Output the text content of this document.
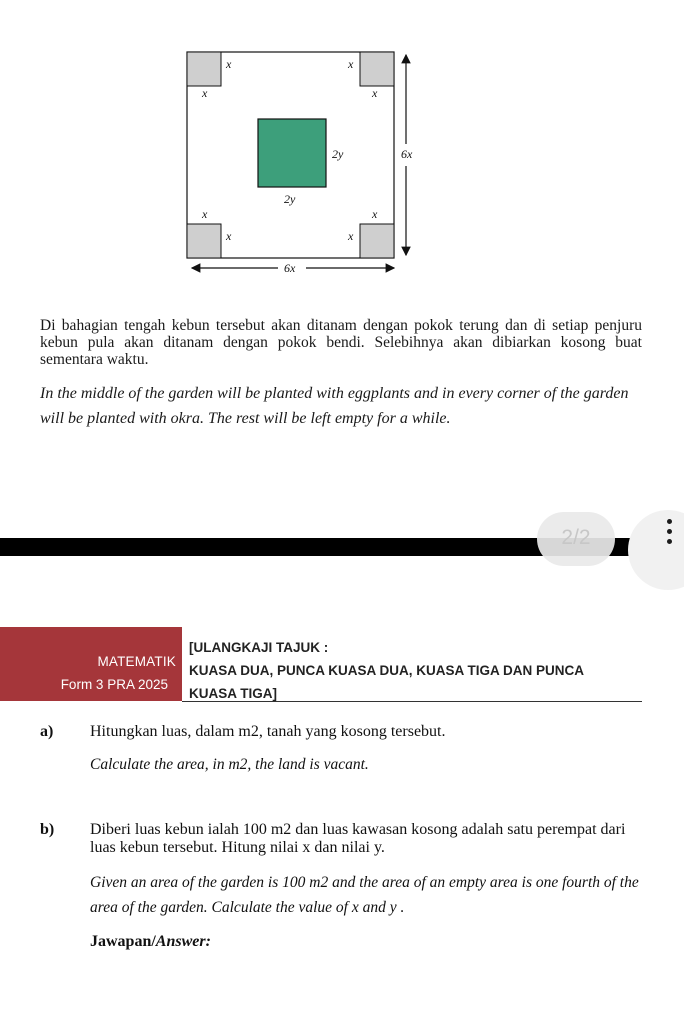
x	x
x	x
x	x
x	x
2y
2y
6x
6x
Di bahagian tengah kebun tersebut akan ditanam dengan pokok terung dan di setiap penjuru kebun pula akan ditanam dengan pokok bendi. Selebihnya akan dibiarkan kosong buat sementara waktu.
In the middle of the garden will be planted with eggplants and in every corner of the garden will be planted with okra. The rest will be left empty for a while.
2/2
MATEMATIK
Form 3 PRA 2025
[ULANGKAJI TAJUK :
KUASA DUA, PUNCA KUASA DUA, KUASA TIGA DAN PUNCA
KUASA TIGA]
a) Hitungkan luas, dalam m2, tanah yang kosong tersebut.
Calculate the area, in m2, the land is vacant.
b) Diberi luas kebun ialah 100 m2 dan luas kawasan kosong adalah satu perempat dari luas kebun tersebut. Hitung nilai x dan nilai y.
Given an area of the garden is 100 m2 and the area of an empty area is one fourth of the area of the garden. Calculate the value of x and y .
Jawapan/Answer:
